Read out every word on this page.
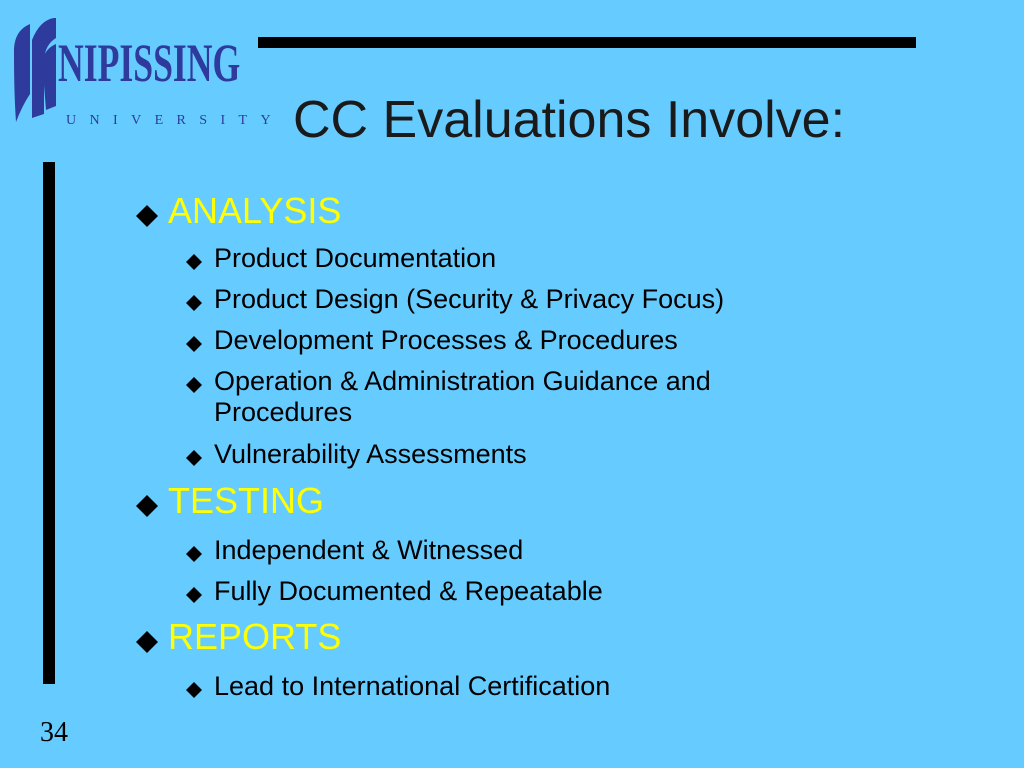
NIPISSING
UNIVERSITY CC Evaluations Involve:
ANALYSIS
Product Documentation
Product Design (Security & Privacy Focus)
Development Processes & Procedures
Operation & Administration Guidance and
Procedures
Vulnerability Assessments
TESTING
Independent & Witnessed
Fully Documented & Repeatable
REPORTS
Lead to International Certification
34
